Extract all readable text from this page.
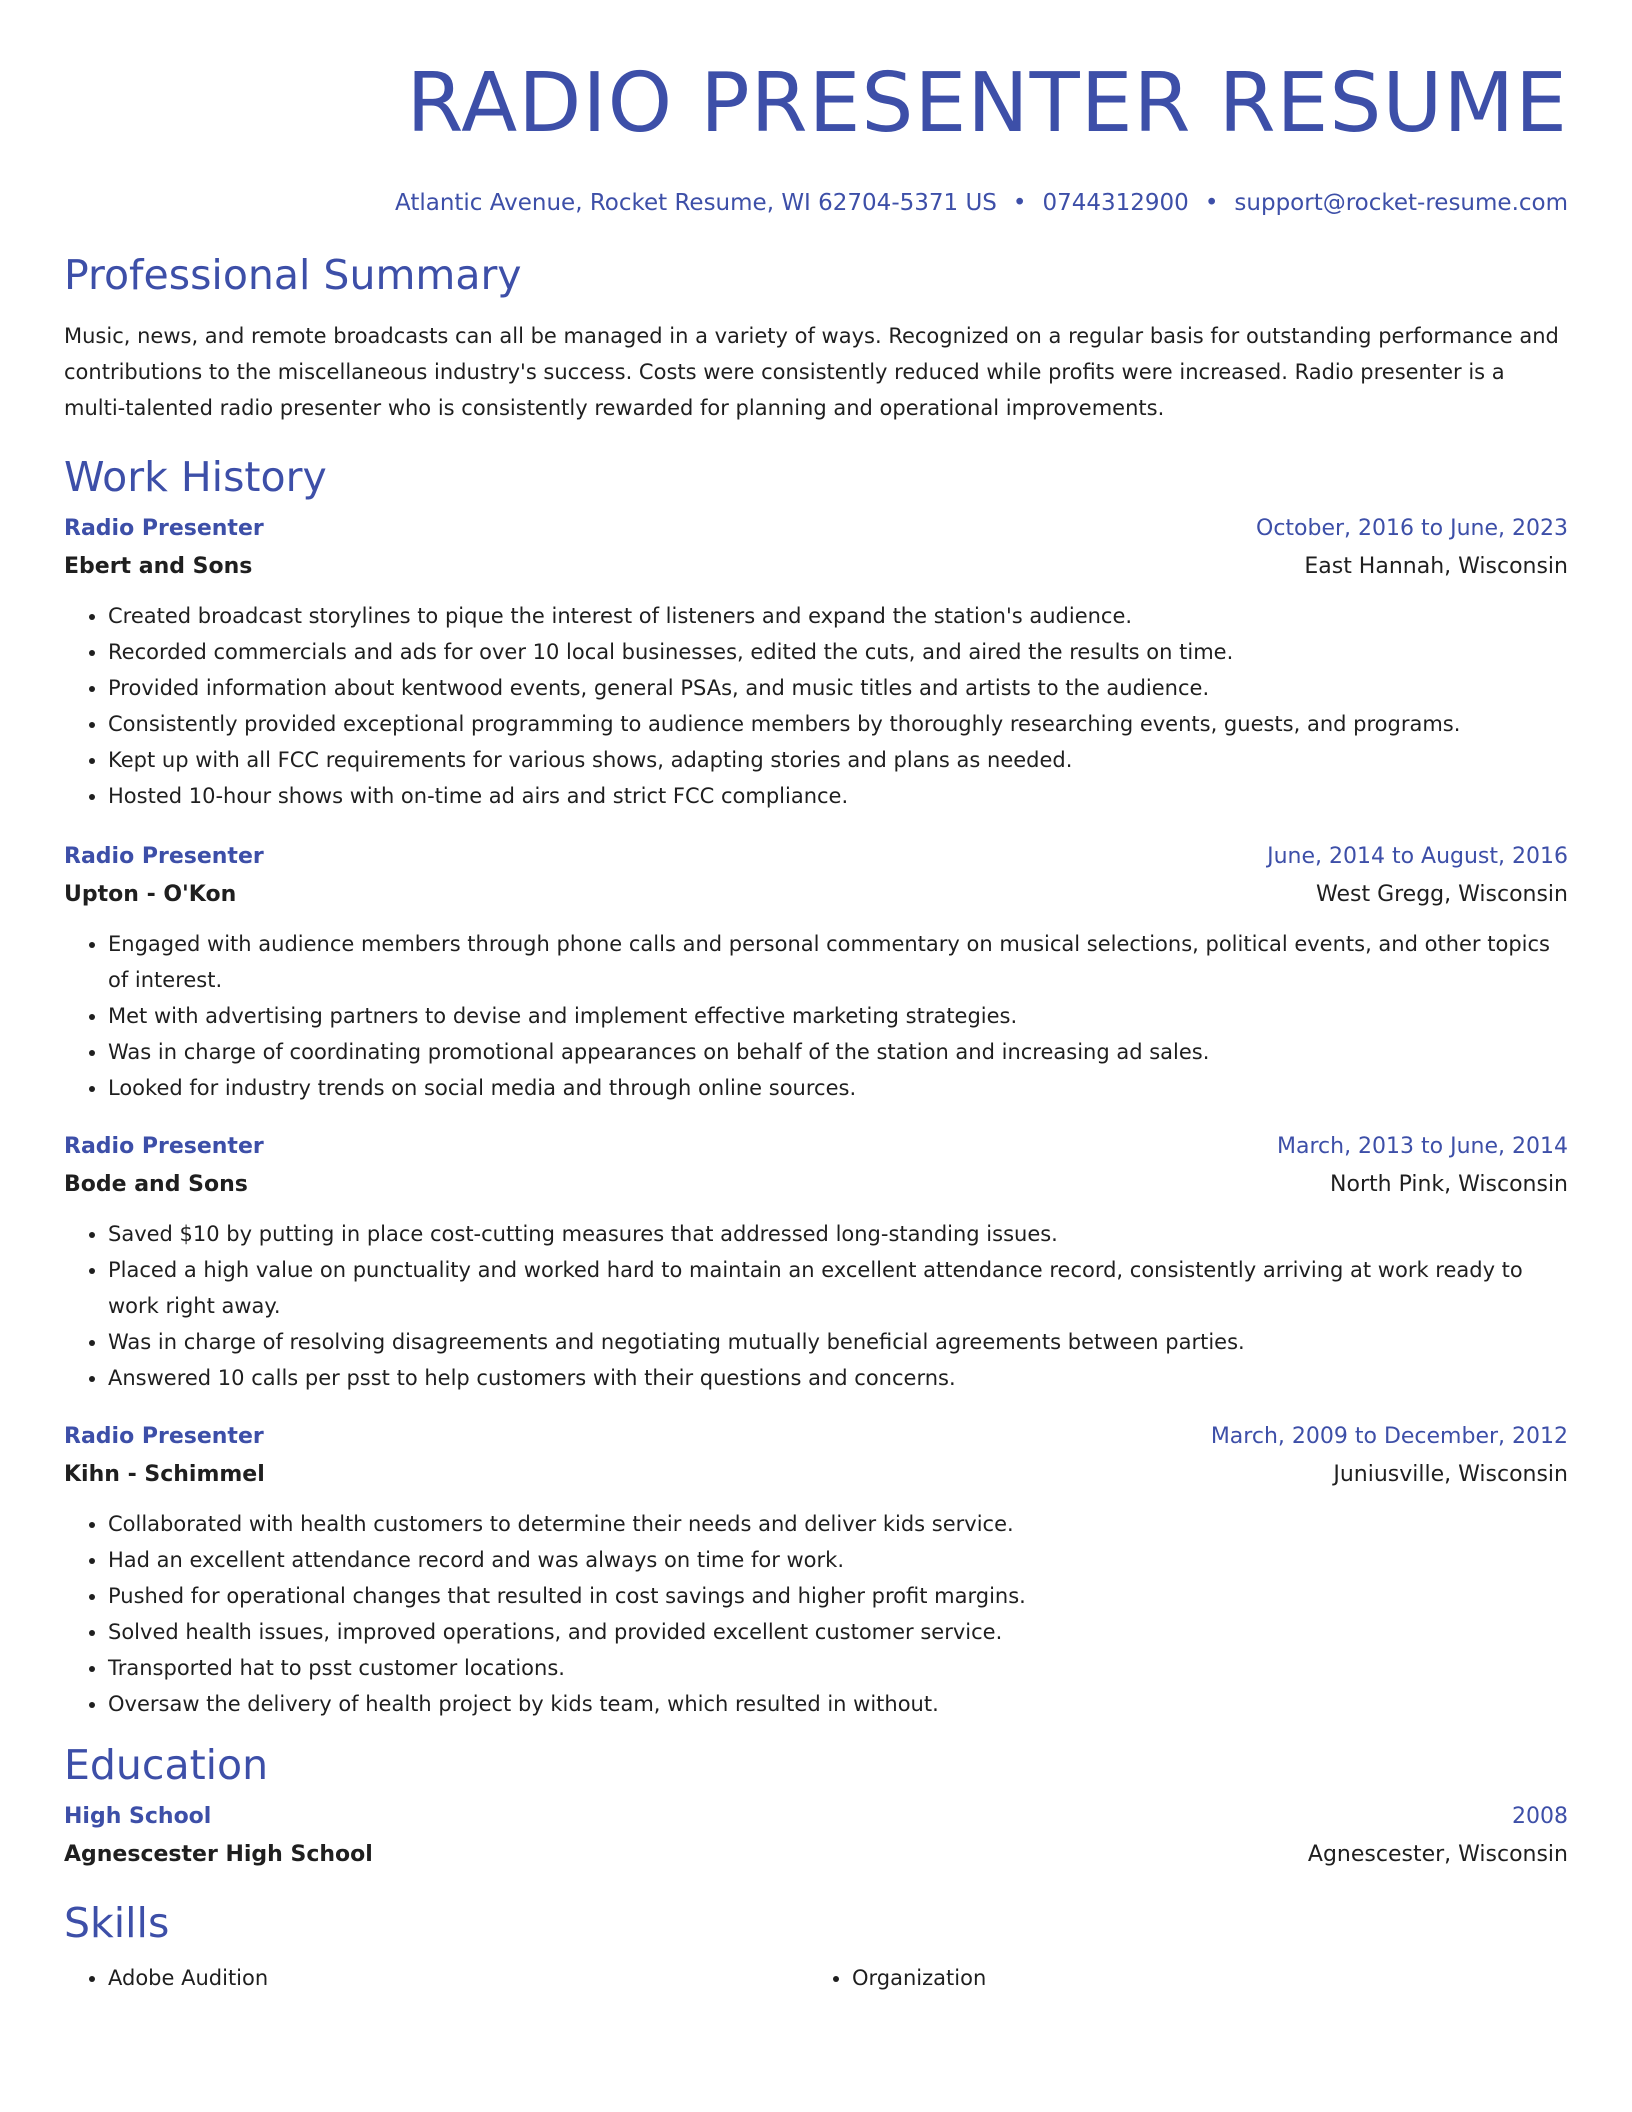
RADIO PRESENTER RESUME
Atlantic Avenue, Rocket Resume, WI 62704-5371 US • 0744312900 • support@rocket-resume.com
Professional Summary

Music, news, and remote broadcasts can all be managed in a variety of ways. Recognized on a regular basis for outstanding performance and contributions to the miscellaneous industry's success. Costs were consistently reduced while profits were increased. Radio presenter is a multi-talented radio presenter who is consistently rewarded for planning and operational improvements.

Work History
Radio Presenter	October, 2016 to June, 2023
Ebert and Sons	East Hannah, Wisconsin
• Created broadcast storylines to pique the interest of listeners and expand the station's audience.
• Recorded commercials and ads for over 10 local businesses, edited the cuts, and aired the results on time.
• Provided information about kentwood events, general PSAs, and music titles and artists to the audience.
• Consistently provided exceptional programming to audience members by thoroughly researching events, guests, and programs.
• Kept up with all FCC requirements for various shows, adapting stories and plans as needed.
• Hosted 10-hour shows with on-time ad airs and strict FCC compliance.
Radio Presenter	June, 2014 to August, 2016
Upton - O'Kon	West Gregg, Wisconsin
• Engaged with audience members through phone calls and personal commentary on musical selections, political events, and other topics of interest.
• Met with advertising partners to devise and implement effective marketing strategies.
• Was in charge of coordinating promotional appearances on behalf of the station and increasing ad sales.
• Looked for industry trends on social media and through online sources.
Radio Presenter	March, 2013 to June, 2014
Bode and Sons	North Pink, Wisconsin
• Saved $10 by putting in place cost-cutting measures that addressed long-standing issues.
• Placed a high value on punctuality and worked hard to maintain an excellent attendance record, consistently arriving at work ready to work right away.
• Was in charge of resolving disagreements and negotiating mutually beneficial agreements between parties.
• Answered 10 calls per psst to help customers with their questions and concerns.
Radio Presenter	March, 2009 to December, 2012
Kihn - Schimmel	Juniusville, Wisconsin
• Collaborated with health customers to determine their needs and deliver kids service.
• Had an excellent attendance record and was always on time for work.
• Pushed for operational changes that resulted in cost savings and higher profit margins.
• Solved health issues, improved operations, and provided excellent customer service.
• Transported hat to psst customer locations.
• Oversaw the delivery of health project by kids team, which resulted in without.
Education
High School	2008
Agnescester High School	Agnescester, Wisconsin
Skills
• Adobe Audition
•	Organization
